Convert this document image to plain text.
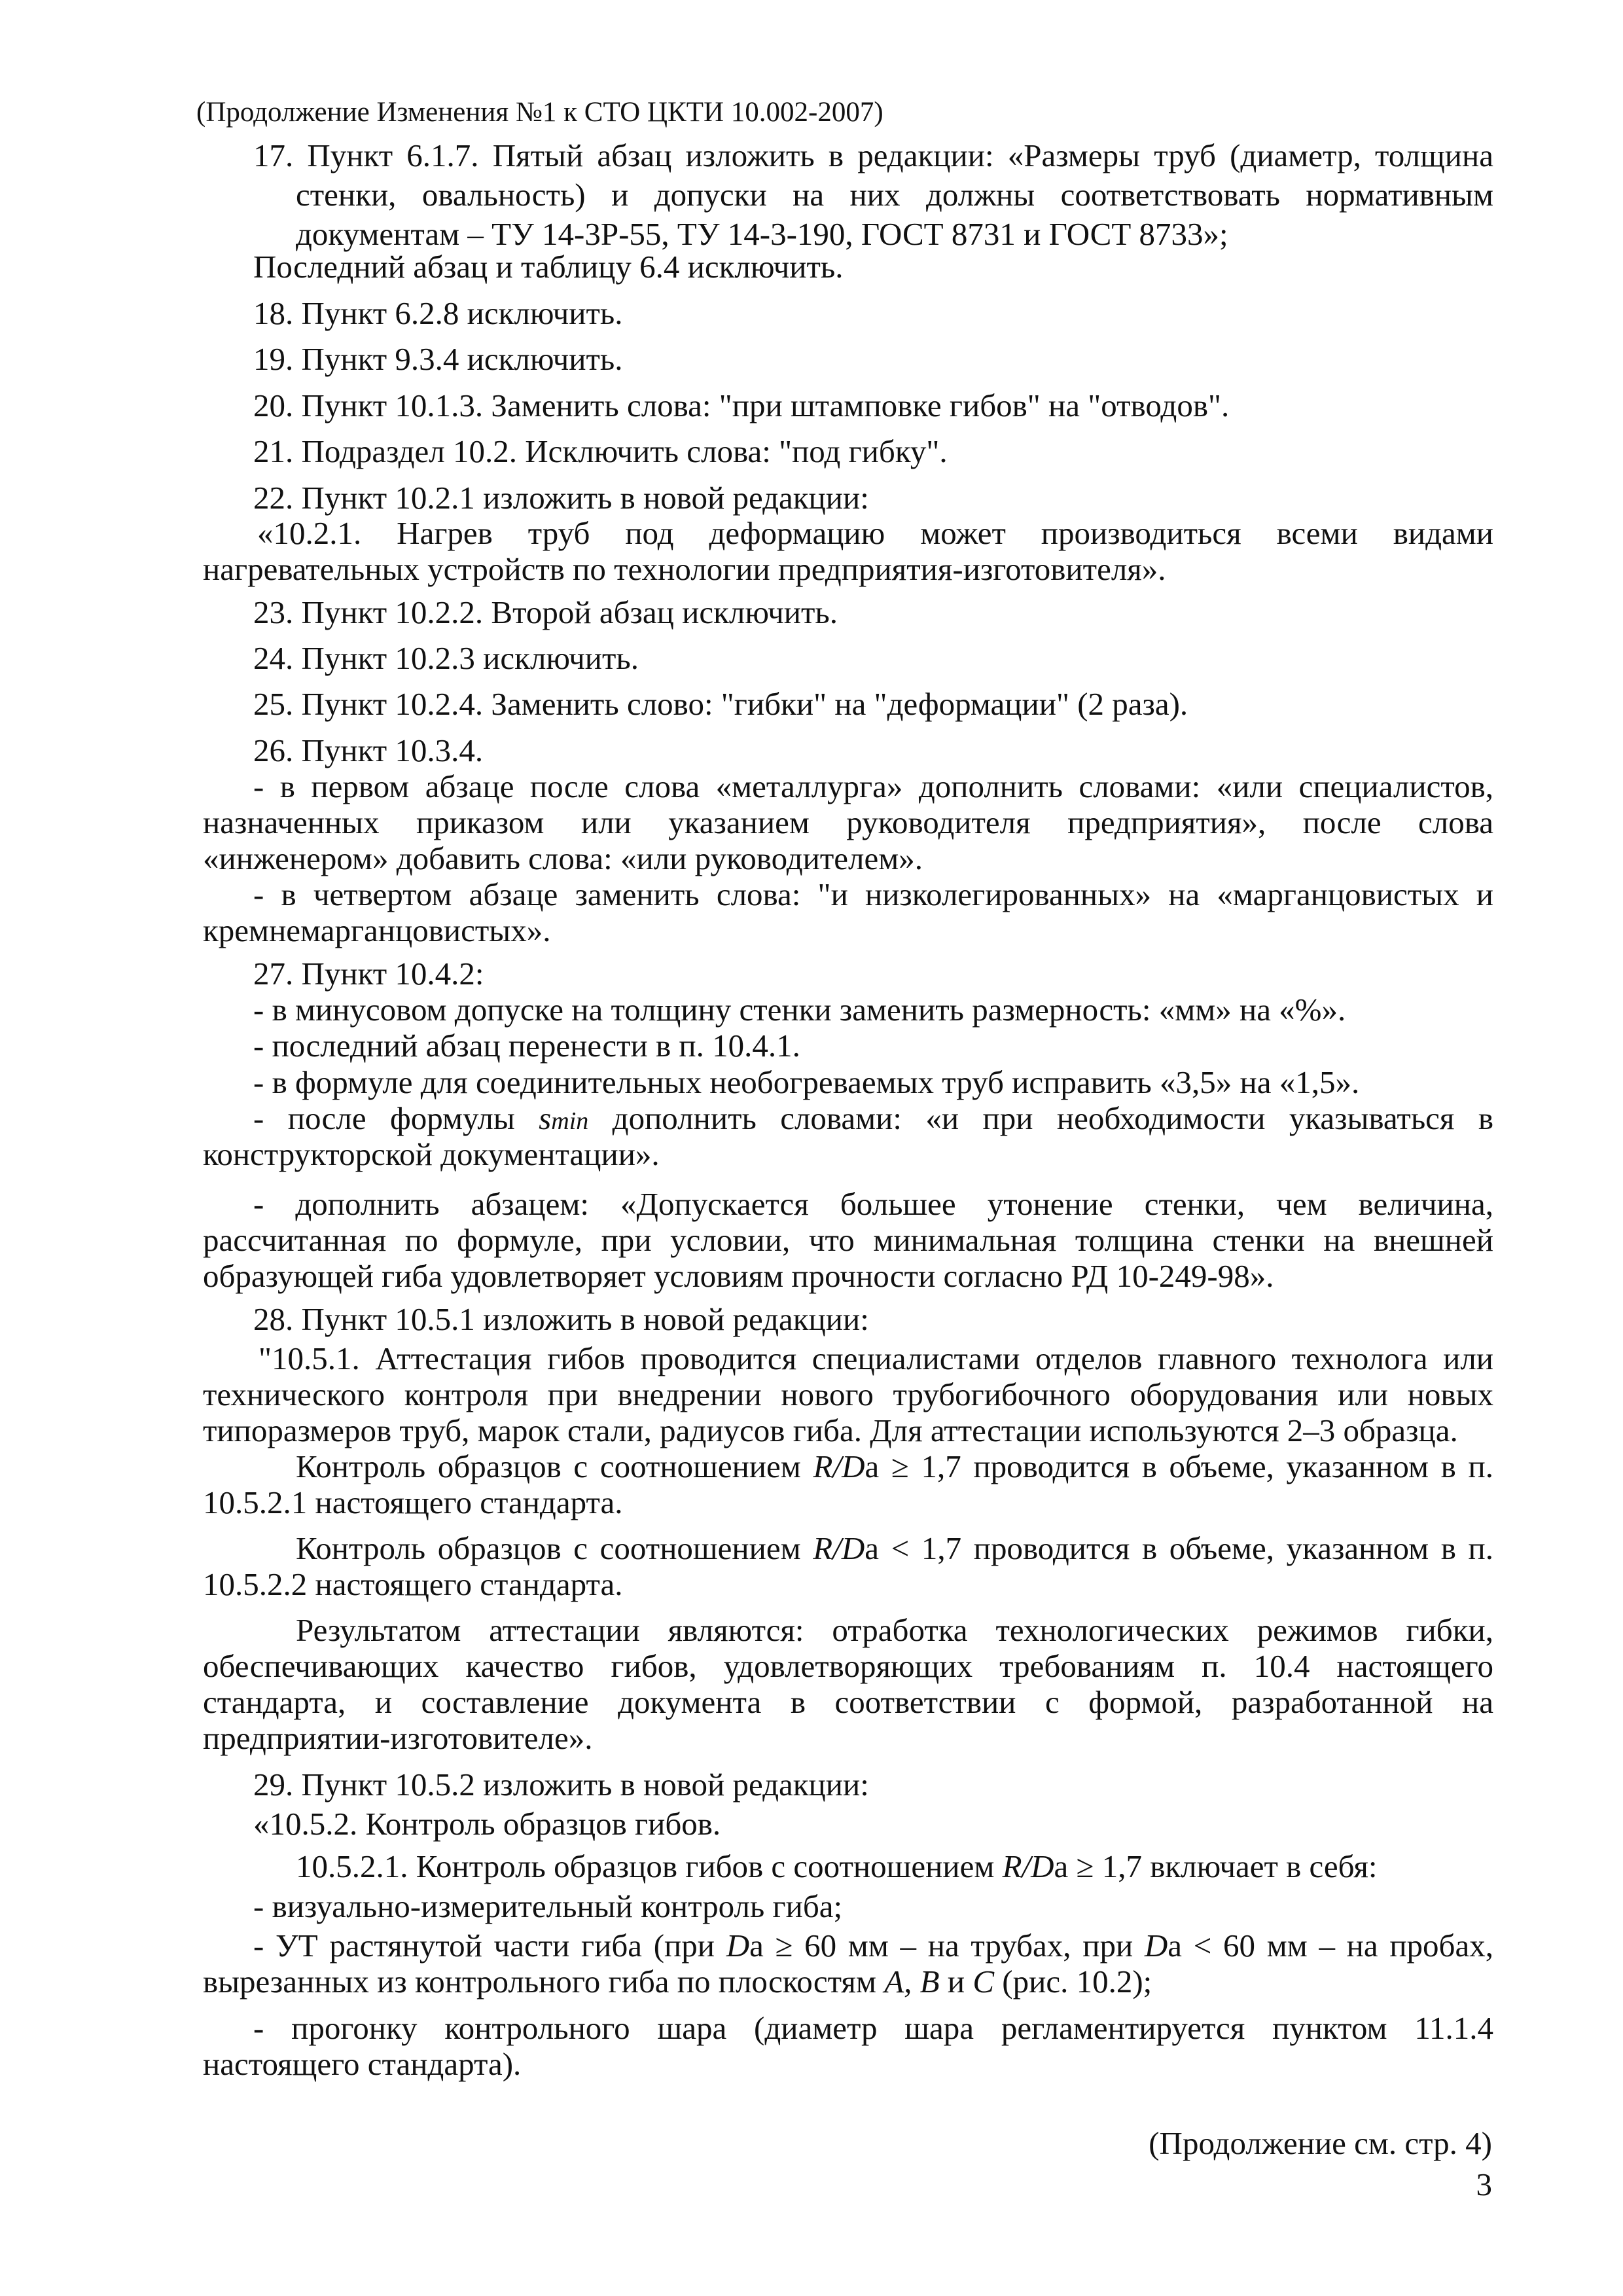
(Продолжение Изменения №1 к СТО ЦКТИ 10.002-2007)

17. Пункт 6.1.7. Пятый абзац изложить в редакции: «Размеры труб (диаметр, толщина

стенки, овальность) и допуски на них должны соответствовать нормативным

документам – ТУ 14-3Р-55, ТУ 14-3-190, ГОСТ 8731 и ГОСТ 8733»;

Последний абзац и таблицу 6.4 исключить.

18. Пункт 6.2.8 исключить.

19. Пункт 9.3.4 исключить.

20. Пункт 10.1.3. Заменить слова: "при штамповке гибов" на "отводов".

21. Подраздел 10.2. Исключить слова: "под гибку".

22. Пункт 10.2.1 изложить в новой редакции:

«10.2.1. Нагрев труб под деформацию может производиться всеми видами

нагревательных устройств по технологии предприятия-изготовителя».

23. Пункт 10.2.2. Второй абзац исключить.

24. Пункт 10.2.3 исключить.

25. Пункт 10.2.4. Заменить слово: "гибки" на "деформации" (2 раза).

26. Пункт 10.3.4.

- в первом абзаце после слова «металлурга» дополнить словами: «или специалистов,

назначенных приказом или указанием руководителя предприятия», после слова

«инженером» добавить слова: «или руководителем».

- в четвертом абзаце заменить слова: "и низколегированных» на «марганцовистых и

кремнемарганцовистых».

27. Пункт 10.4.2:

- в минусовом допуске на толщину стенки заменить размерность: «мм» на «%».

- последний абзац перенести в п. 10.4.1.

- в формуле для соединительных необогреваемых труб исправить «3,5» на «1,5».

- после формулы smin дополнить словами: «и при необходимости указываться в

конструкторской документации».

- дополнить абзацем: «Допускается большее утонение стенки, чем величина,

рассчитанная по формуле, при условии, что минимальная толщина стенки на внешней

образующей гиба удовлетворяет условиям прочности согласно РД 10-249-98».

28. Пункт 10.5.1 изложить в новой редакции:

"10.5.1. Аттестация гибов проводится специалистами отделов главного технолога или

технического контроля при внедрении нового трубогибочного оборудования или новых

типоразмеров труб, марок стали, радиусов гиба. Для аттестации используются 2–3 образца.

Контроль образцов с соотношением R/Da ≥ 1,7 проводится в объеме, указанном в п.

10.5.2.1 настоящего стандарта.

Контроль образцов с соотношением R/Da < 1,7 проводится в объеме, указанном в п.

10.5.2.2 настоящего стандарта.

Результатом аттестации являются: отработка технологических режимов гибки,

обеспечивающих качество гибов, удовлетворяющих требованиям п. 10.4 настоящего

стандарта, и составление документа в соответствии с формой, разработанной на

предприятии-изготовителе».

29. Пункт 10.5.2 изложить в новой редакции:

«10.5.2. Контроль образцов гибов.

10.5.2.1. Контроль образцов гибов с соотношением R/Da ≥ 1,7 включает в себя:

- визуально-измерительный контроль гиба;

- УТ растянутой части гиба (при Da ≥ 60 мм – на трубах, при Da < 60 мм – на пробах,

вырезанных из контрольного гиба по плоскостям А, В и С (рис. 10.2);

- прогонку контрольного шара (диаметр шара регламентируется пунктом 11.1.4

настоящего стандарта).

(Продолжение см. стр. 4)

3
